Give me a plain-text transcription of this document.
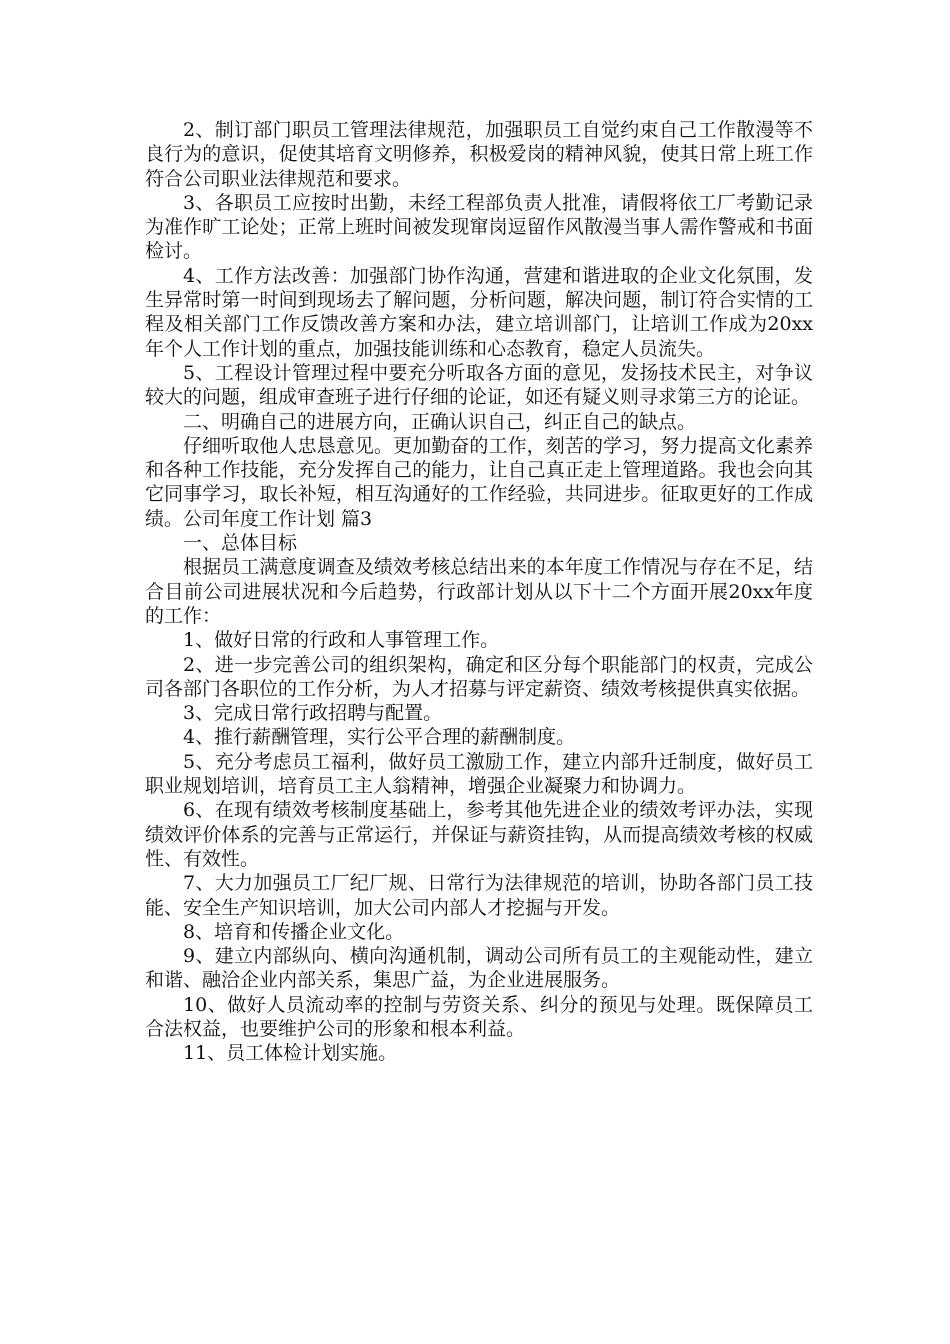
2、制订部门职员工管理法律规范，加强职员工自觉约束自己工作散漫等不良行为的意识，促使其培育文明修养，积极爱岗的精神风貌，使其日常上班工作符合公司职业法律规范和要求。

3、各职员工应按时出勤，未经工程部负责人批准，请假将依工厂考勤记录为准作旷工论处；正常上班时间被发现窜岗逗留作风散漫当事人需作警戒和书面检讨。

4、工作方法改善：加强部门协作沟通，营建和谐进取的企业文化氛围，发生异常时第一时间到现场去了解问题，分析问题，解决问题，制订符合实情的工程及相关部门工作反馈改善方案和办法，建立培训部门，让培训工作成为20xx年个人工作计划的重点，加强技能训练和心态教育，稳定人员流失。

5、工程设计管理过程中要充分听取各方面的意见，发扬技术民主，对争议较大的问题，组成审查班子进行仔细的论证，如还有疑义则寻求第三方的论证。

二、明确自己的进展方向，正确认识自己，纠正自己的缺点。

仔细听取他人忠恳意见。更加勤奋的工作，刻苦的学习，努力提高文化素养和各种工作技能，充分发挥自己的能力，让自己真正走上管理道路。我也会向其它同事学习，取长补短，相互沟通好的工作经验，共同进步。征取更好的工作成绩。公司年度工作计划 篇3

一、总体目标

根据员工满意度调查及绩效考核总结出来的本年度工作情况与存在不足，结合目前公司进展状况和今后趋势，行政部计划从以下十二个方面开展20xx年度的工作：

1、做好日常的行政和人事管理工作。

2、进一步完善公司的组织架构，确定和区分每个职能部门的权责，完成公司各部门各职位的工作分析，为人才招募与评定薪资、绩效考核提供真实依据。

3、完成日常行政招聘与配置。

4、推行薪酬管理，实行公平合理的薪酬制度。

5、充分考虑员工福利，做好员工激励工作，建立内部升迁制度，做好员工职业规划培训，培育员工主人翁精神，增强企业凝聚力和协调力。

6、在现有绩效考核制度基础上，参考其他先进企业的绩效考评办法，实现绩效评价体系的完善与正常运行，并保证与薪资挂钩，从而提高绩效考核的权威性、有效性。

7、大力加强员工厂纪厂规、日常行为法律规范的培训，协助各部门员工技能、安全生产知识培训，加大公司内部人才挖掘与开发。

8、培育和传播企业文化。

9、建立内部纵向、横向沟通机制，调动公司所有员工的主观能动性，建立和谐、融洽企业内部关系，集思广益，为企业进展服务。

10、做好人员流动率的控制与劳资关系、纠分的预见与处理。既保障员工合法权益，也要维护公司的形象和根本利益。

11、员工体检计划实施。
